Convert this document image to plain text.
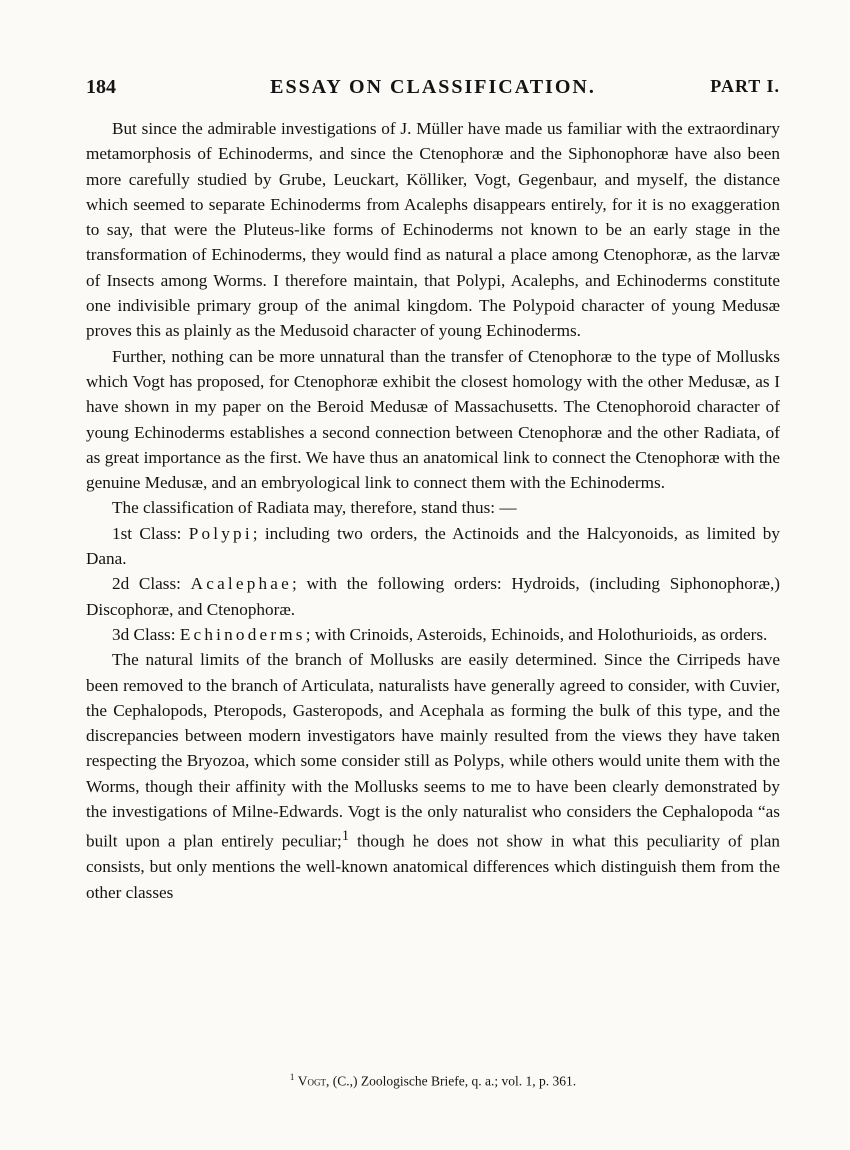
184	ESSAY ON CLASSIFICATION.	PART I.

But since the admirable investigations of J. Müller have made us familiar with the extraordinary metamorphosis of Echinoderms, and since the Ctenophoræ and the Siphonophoræ have also been more carefully studied by Grube, Leuckart, Kölliker, Vogt, Gegenbaur, and myself, the distance which seemed to separate Echinoderms from Acalephs disappears entirely, for it is no exaggeration to say, that were the Pluteus-like forms of Echinoderms not known to be an early stage in the transformation of Echinoderms, they would find as natural a place among Ctenophoræ, as the larvæ of Insects among Worms. I therefore maintain, that Polypi, Acalephs, and Echinoderms constitute one indivisible primary group of the animal kingdom. The Polypoid character of young Medusæ proves this as plainly as the Medusoid character of young Echinoderms.

Further, nothing can be more unnatural than the transfer of Ctenophoræ to the type of Mollusks which Vogt has proposed, for Ctenophoræ exhibit the closest homology with the other Medusæ, as I have shown in my paper on the Beroid Medusæ of Massachusetts. The Ctenophoroid character of young Echinoderms establishes a second connection between Ctenophoræ and the other Radiata, of as great importance as the first. We have thus an anatomical link to connect the Ctenophoræ with the genuine Medusæ, and an embryological link to connect them with the Echinoderms.

The classification of Radiata may, therefore, stand thus: —

1st Class: Polypi; including two orders, the Actinoids and the Halcyonoids, as limited by Dana.

2d Class: Acalephae; with the following orders: Hydroids, (including Siphonophoræ,) Discophoræ, and Ctenophoræ.

3d Class: Echinoderms; with Crinoids, Asteroids, Echinoids, and Holothurioids, as orders.

The natural limits of the branch of Mollusks are easily determined. Since the Cirripeds have been removed to the branch of Articulata, naturalists have generally agreed to consider, with Cuvier, the Cephalopods, Pteropods, Gasteropods, and Acephala as forming the bulk of this type, and the discrepancies between modern investigators have mainly resulted from the views they have taken respecting the Bryozoa, which some consider still as Polyps, while others would unite them with the Worms, though their affinity with the Mollusks seems to me to have been clearly demonstrated by the investigations of Milne-Edwards. Vogt is the only naturalist who considers the Cephalopoda “as built upon a plan entirely peculiar;$^1$ though he does not show in what this peculiarity of plan consists, but only mentions the well-known anatomical differences which distinguish them from the other classes

$^1$ Vogt, (C.,) Zoologische Briefe, q. a.; vol. 1, p. 361.
